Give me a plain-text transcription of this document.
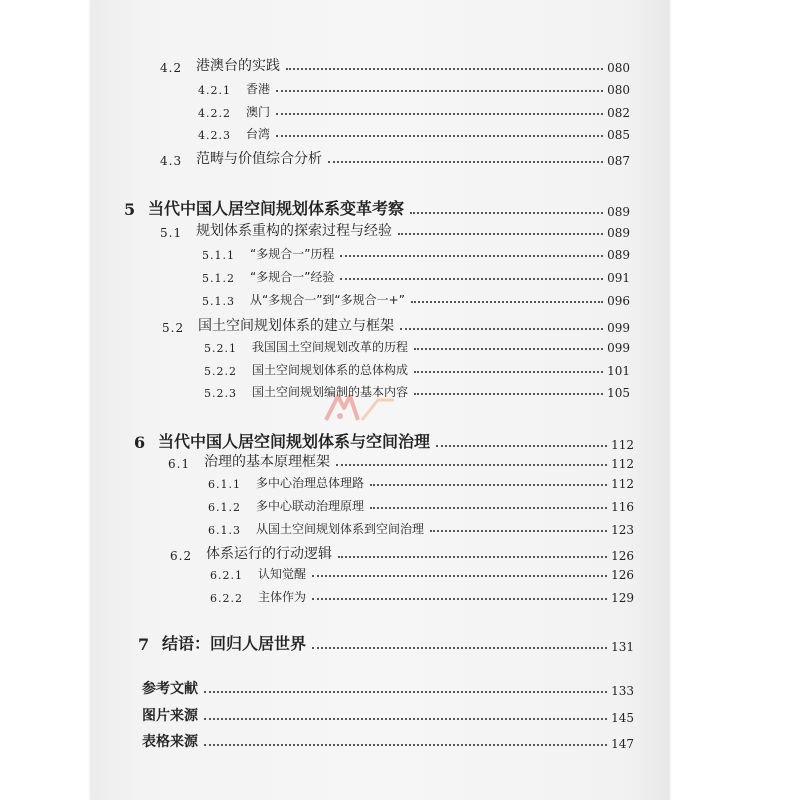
4.2 港澳台的实践	080
4.2.1	香港	080
4.2.2	澳门	082
4.2.3	台湾	085
4.3 范畴与价值综合分析	087
5 当代中国人居空间规划体系变革考察	089
5.1 规划体系重构的探索过程与经验	089
5.1.1	“多规合一”历程	089
5.1.2	“多规合一”经验	091
5.1.3	从“多规合一”到“多规合一+”	096
5.2 国土空间规划体系的建立与框架	099
5.2.1	我国国土空间规划改革的历程	099
5.2.2	国土空间规划体系的总体构成	101
5.2.3	国土空间规划编制的基本内容	105
6 当代中国人居空间规划体系与空间治理	112
6.1 治理的基本原理框架	112
6.1.1	多中心治理总体理路	112
6.1.2	多中心联动治理原理	116
6.1.3	从国土空间规划体系到空间治理	123
6.2 体系运行的行动逻辑	126
6.2.1	认知觉醒	126
6.2.2	主体作为	129
7 结语：回归人居世界	131
参考文献	133
图片来源	145
表格来源	147
